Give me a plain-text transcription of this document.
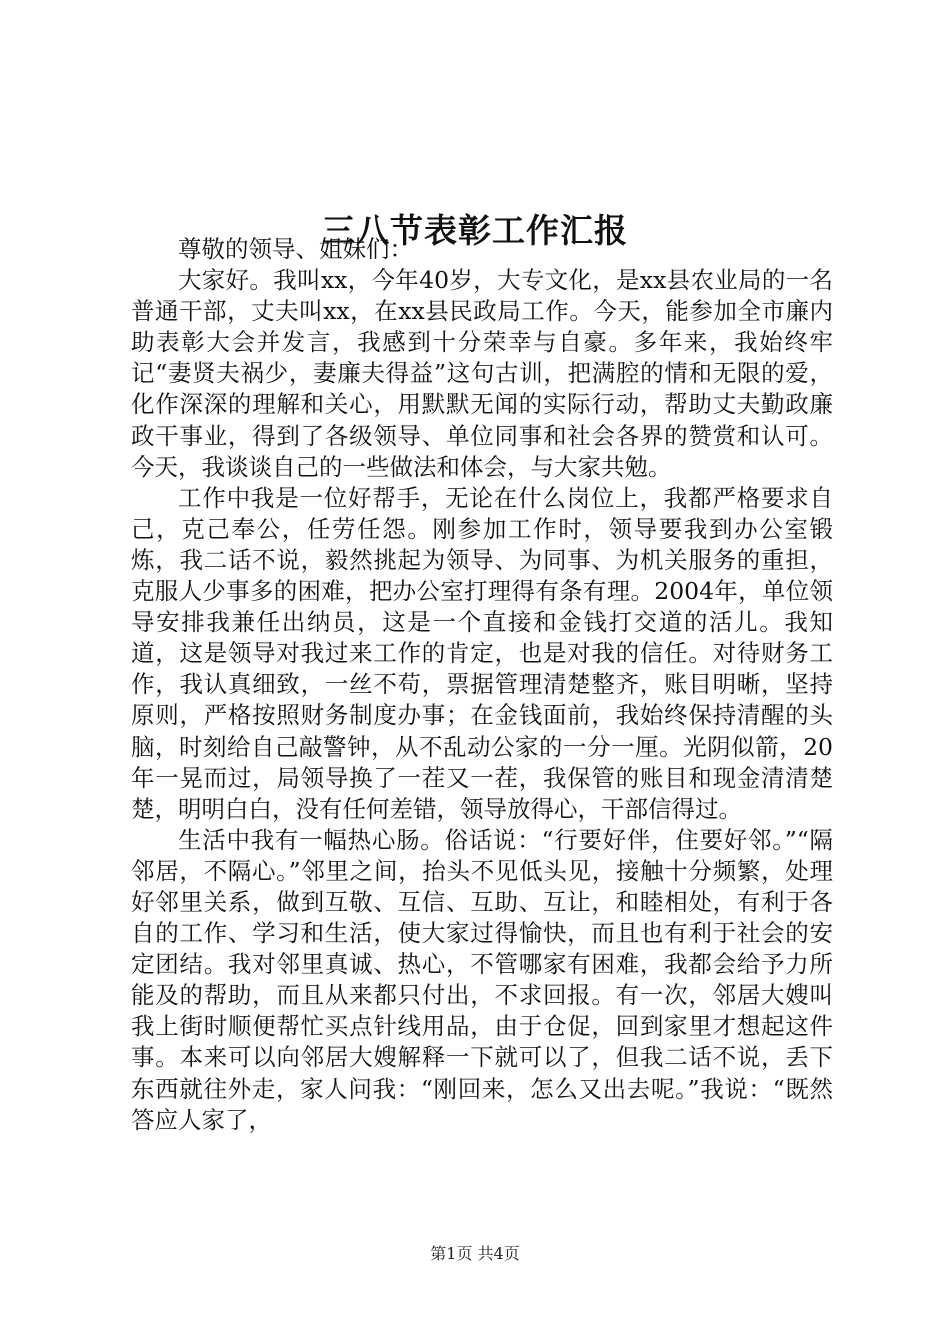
三八节表彰工作汇报

尊敬的领导、姐妹们：

大家好。我叫xx，今年40岁，大专文化，是xx县农业局的一名普通干部，丈夫叫xx，在xx县民政局工作。今天，能参加全市廉内助表彰大会并发言，我感到十分荣幸与自豪。多年来，我始终牢记“妻贤夫祸少，妻廉夫得益”这句古训，把满腔的情和无限的爱，化作深深的理解和关心，用默默无闻的实际行动，帮助丈夫勤政廉政干事业，得到了各级领导、单位同事和社会各界的赞赏和认可。今天，我谈谈自己的一些做法和体会，与大家共勉。

工作中我是一位好帮手，无论在什么岗位上，我都严格要求自己，克己奉公，任劳任怨。刚参加工作时，领导要我到办公室锻炼，我二话不说，毅然挑起为领导、为同事、为机关服务的重担，克服人少事多的困难，把办公室打理得有条有理。2004年，单位领导安排我兼任出纳员，这是一个直接和金钱打交道的活儿。我知道，这是领导对我过来工作的肯定，也是对我的信任。对待财务工作，我认真细致，一丝不苟，票据管理清楚整齐，账目明晰，坚持原则，严格按照财务制度办事；在金钱面前，我始终保持清醒的头脑，时刻给自己敲警钟，从不乱动公家的一分一厘。光阴似箭，20年一晃而过，局领导换了一茬又一茬，我保管的账目和现金清清楚楚，明明白白，没有任何差错，领导放得心，干部信得过。

生活中我有一幅热心肠。俗话说：“行要好伴，住要好邻。”“隔邻居，不隔心。”邻里之间，抬头不见低头见，接触十分频繁，处理好邻里关系，做到互敬、互信、互助、互让，和睦相处，有利于各自的工作、学习和生活，使大家过得愉快，而且也有利于社会的安定团结。我对邻里真诚、热心，不管哪家有困难，我都会给予力所能及的帮助，而且从来都只付出，不求回报。有一次，邻居大嫂叫我上街时顺便帮忙买点针线用品，由于仓促，回到家里才想起这件事。本来可以向邻居大嫂解释一下就可以了，但我二话不说，丢下东西就往外走，家人问我：“刚回来，怎么又出去呢。”我说：“既然答应人家了，

第1页 共4页
